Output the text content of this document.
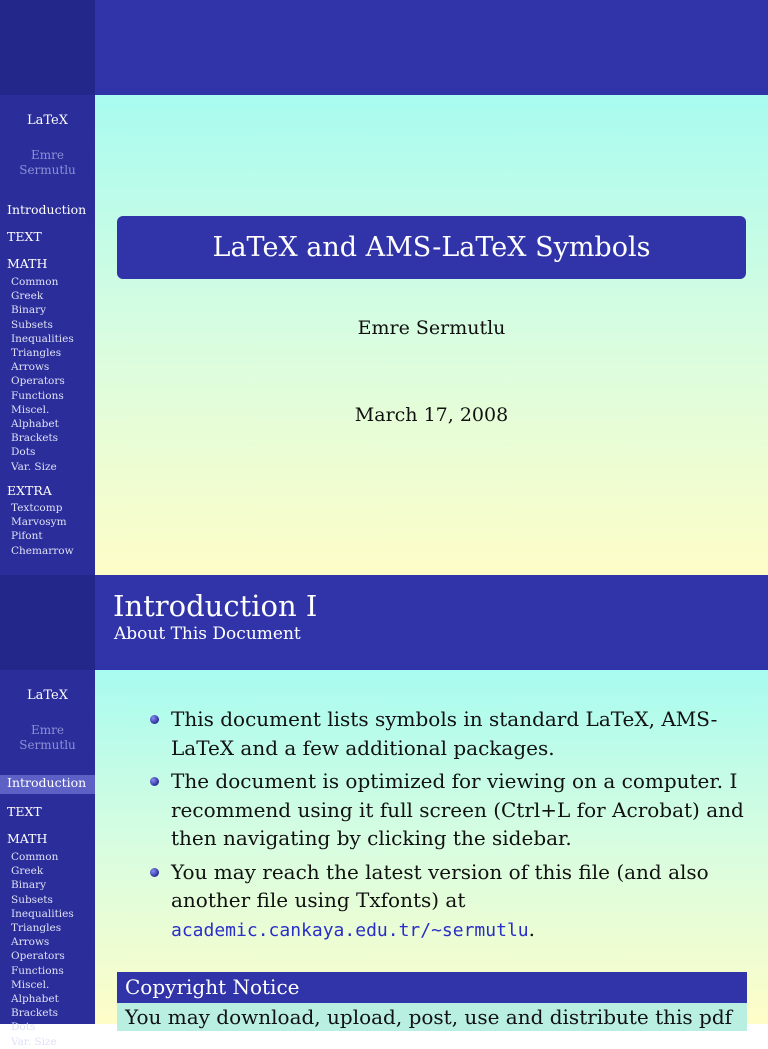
LaTeX
Emre
Sermutlu
Introduction
TEXT
MATH
Common
Greek
Binary
Subsets
Inequalities
Triangles
Arrows
Operators
Functions
Miscel.
Alphabet
Brackets
Dots
Var. Size
EXTRA
Textcomp
Marvosym
Pifont
Chemarrow
LaTeX and AMS-LaTeX Symbols
Emre Sermutlu
March 17, 2008
Introduction I
About This Document
LaTeX
Emre
Sermutlu
Introduction
TEXT
MATH
Common
Greek
Binary
Subsets
Inequalities
Triangles
Arrows
Operators
Functions
Miscel.
Alphabet
Brackets
Dots
Var. Size
This document lists symbols in standard LaTeX, AMS-LaTeX and a few additional packages.
The document is optimized for viewing on a computer. I recommend using it full screen (Ctrl+L for Acrobat) and then navigating by clicking the sidebar.
You may reach the latest version of this file (and also another file using Txfonts) at academic.cankaya.edu.tr/~sermutlu.
Copyright Notice
You may download, upload, post, use and distribute this pdf
